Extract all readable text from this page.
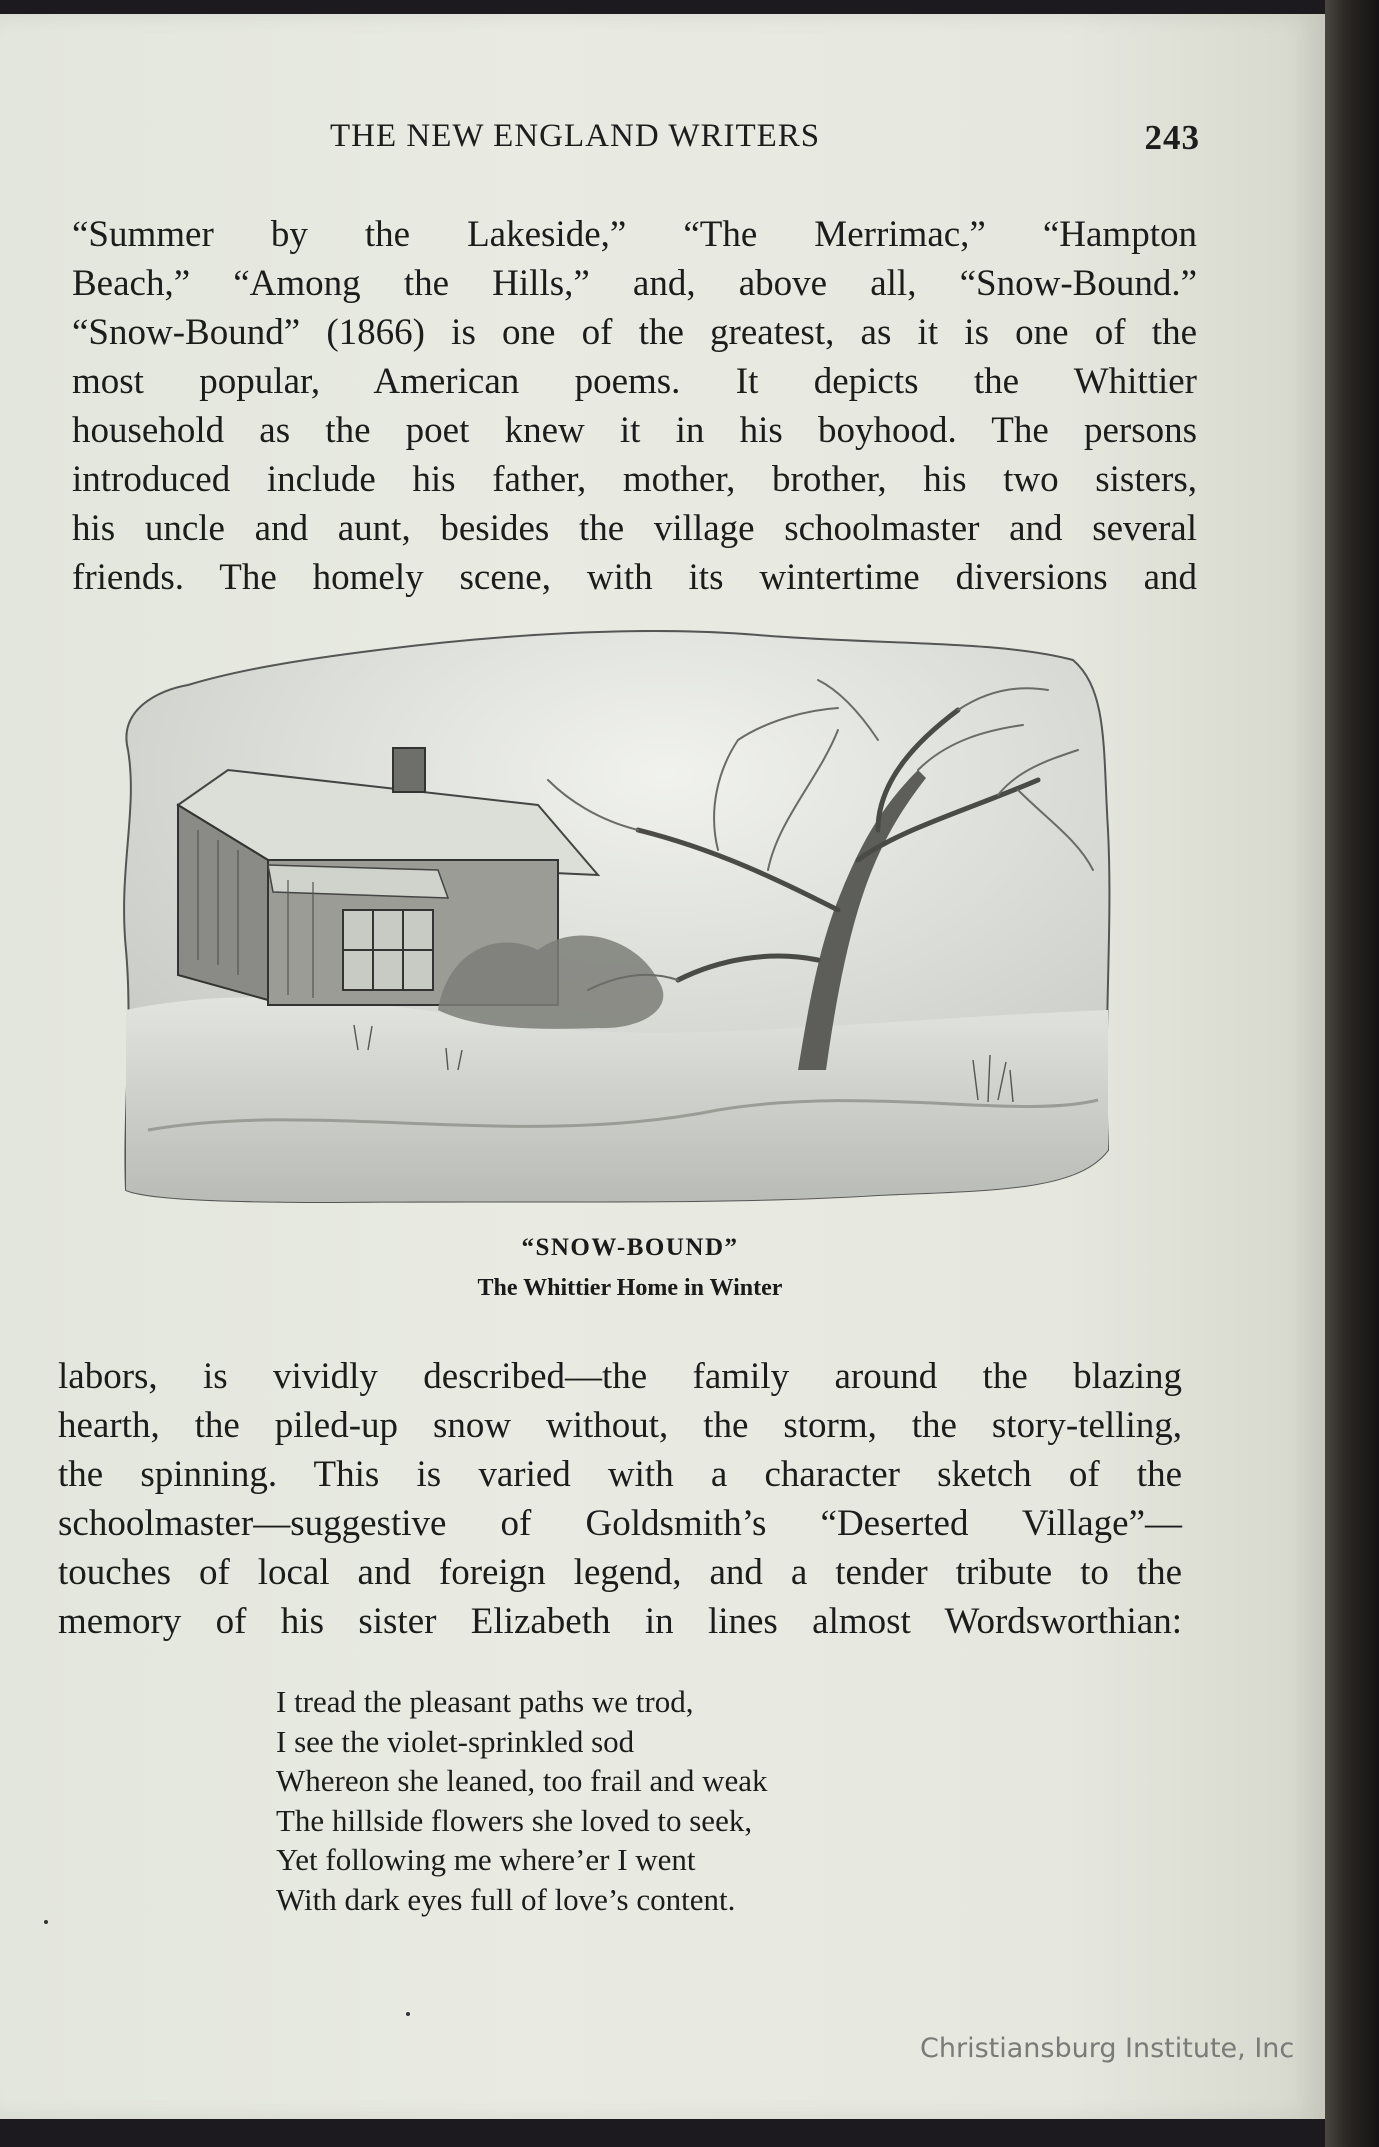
THE NEW ENGLAND WRITERS	243
“Summer by the Lakeside,” “The Merrimac,” “Hampton
Beach,” “Among the Hills,” and, above all, “Snow-Bound.”
“Snow-Bound” (1866) is one of the greatest, as it is one of the
most popular, American poems. It depicts the Whittier
household as the poet knew it in his boyhood. The persons
introduced include his father, mother, brother, his two sisters,
his uncle and aunt, besides the village schoolmaster and several
friends. The homely scene, with its wintertime diversions and
“SNOW-BOUND”
The Whittier Home in Winter
labors, is vividly described—the family around the blazing
hearth, the piled-up snow without, the storm, the story-telling,
the spinning. This is varied with a character sketch of the
schoolmaster—suggestive of Goldsmith’s “Deserted Village”—
touches of local and foreign legend, and a tender tribute to the
memory of his sister Elizabeth in lines almost Wordsworthian:
I tread the pleasant paths we trod,
I see the violet-sprinkled sod
Whereon she leaned, too frail and weak
The hillside flowers she loved to seek,
Yet following me where’er I went
With dark eyes full of love’s content.
Christiansburg Institute, Inc
